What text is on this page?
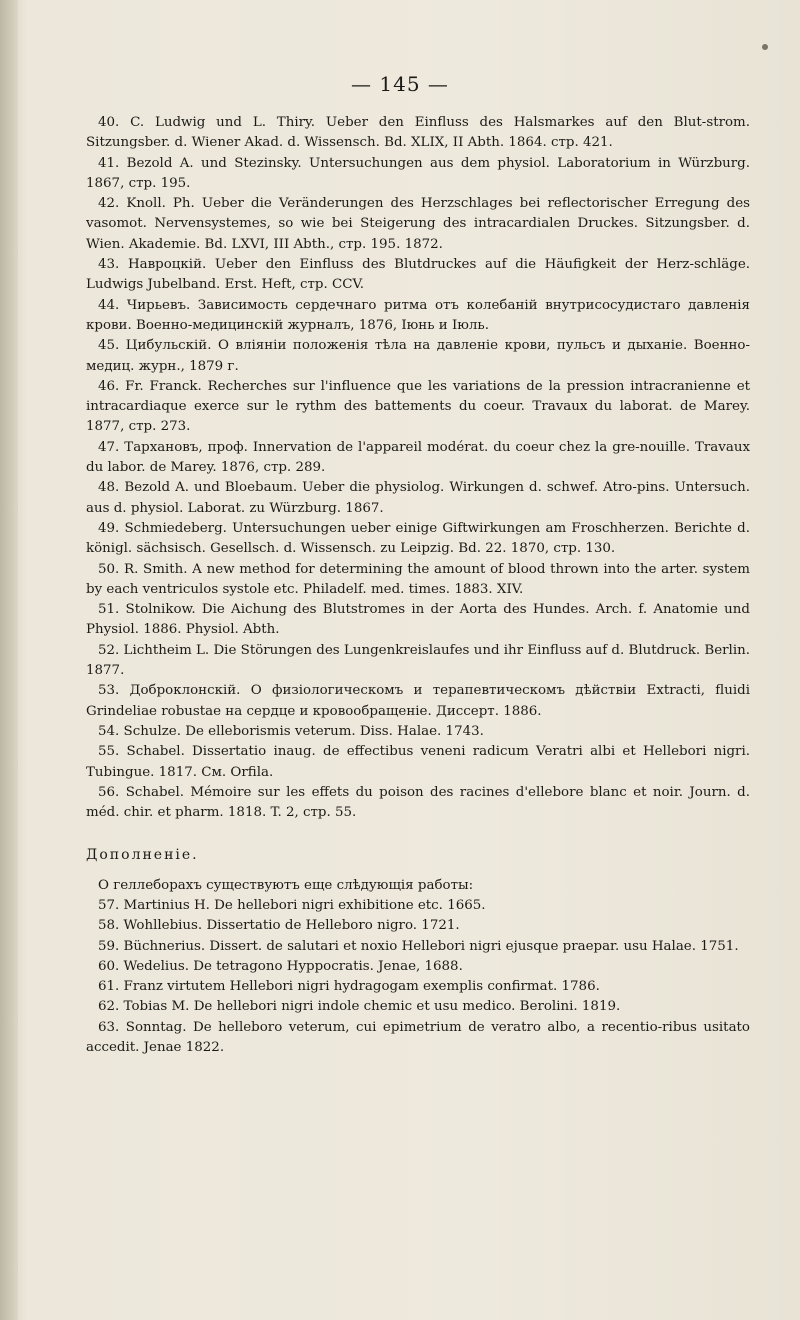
— 145 —

40. C. Ludwig und L. Thiry. Ueber den Einfluss des Halsmarkes auf den Blut-strom. Sitzungsber. d. Wiener Akad. d. Wissensch. Bd. XLIX, II Abth. 1864. стр. 421.

41. Bezold A. und Stezinsky. Untersuchungen aus dem physiol. Laboratorium in Würzburg. 1867, стр. 195.

42. Knoll. Ph. Ueber die Veränderungen des Herzschlages bei reflectorischer Erregung des vasomot. Nervensystemes, so wie bei Steigerung des intracardialen Druckes. Sitzungsber. d. Wien. Akademie. Bd. LXVI, III Abth., стр. 195. 1872.

43. Навроцкій. Ueber den Einfluss des Blutdruckes auf die Häufigkeit der Herz-schläge. Ludwigs Jubelband. Erst. Heft, стр. CCV.

44. Чирьевъ. Зависимость сердечнаго ритма отъ колебаній внутрисосудистаго давленія крови. Военно-медицинскій журналъ, 1876, Іюнь и Іюль.

45. Цибульскій. О вліяніи положенія тѣла на давленіе крови, пульсъ и дыханіе. Военно-медиц. журн., 1879 г.

46. Fr. Franck. Recherches sur l'influence que les variations de la pression intracranienne et intracardiaque exerce sur le rythm des battements du coeur. Travaux du laborat. de Marey. 1877, стр. 273.

47. Тархановъ, проф. Innervation de l'appareil modérat. du coeur chez la gre-nouille. Travaux du labor. de Marey. 1876, стр. 289.

48. Bezold A. und Bloebaum. Ueber die physiolog. Wirkungen d. schwef. Atro-pins. Untersuch. aus d. physiol. Laborat. zu Würzburg. 1867.

49. Schmiedeberg. Untersuchungen ueber einige Giftwirkungen am Froschherzen. Berichte d. königl. sächsisch. Gesellsch. d. Wissensch. zu Leipzig. Bd. 22. 1870, стр. 130.

50. R. Smith. A new method for determining the amount of blood thrown into the arter. system by each ventriculos systole etc. Philadelf. med. times. 1883. XIV.

51. Stolnikow. Die Aichung des Blutstromes in der Aorta des Hundes. Arch. f. Anatomie und Physiol. 1886. Physiol. Abth.

52. Lichtheim L. Die Störungen des Lungenkreislaufes und ihr Einfluss auf d. Blutdruck. Berlin. 1877.

53. Доброклонскій. О физіологическомъ и терапевтическомъ дѣйствіи Extracti, fluidi Grindeliae robustae на сердце и кровообращеніе. Диссерт. 1886.

54. Schulze. De elleborismis veterum. Diss. Halae. 1743.

55. Schabel. Dissertatio inaug. de effectibus veneni radicum Veratri albi et Hellebori nigri. Tubingue. 1817. См. Orfila.

56. Schabel. Mémoire sur les effets du poison des racines d'ellebore blanc et noir. Journ. d. méd. chir. et pharm. 1818. T. 2, стр. 55.

Дополненіе.

О геллеборахъ существуютъ еще слѣдующія работы:

57. Martinius H. De hellebori nigri exhibitione etc. 1665.

58. Wohllebius. Dissertatio de Helleboro nigro. 1721.

59. Büchnerius. Dissert. de salutari et noxio Hellebori nigri ejusque praepar. usu Halae. 1751.

60. Wedelius. De tetragono Hyppocratis. Jenae, 1688.

61. Franz virtutem Hellebori nigri hydragogam exemplis confirmat. 1786.

62. Tobias M. De hellebori nigri indole chemic et usu medico. Berolini. 1819.

63. Sonntag. De helleboro veterum, cui epimetrium de veratro albo, a recentio-ribus usitato accedit. Jenae 1822.
